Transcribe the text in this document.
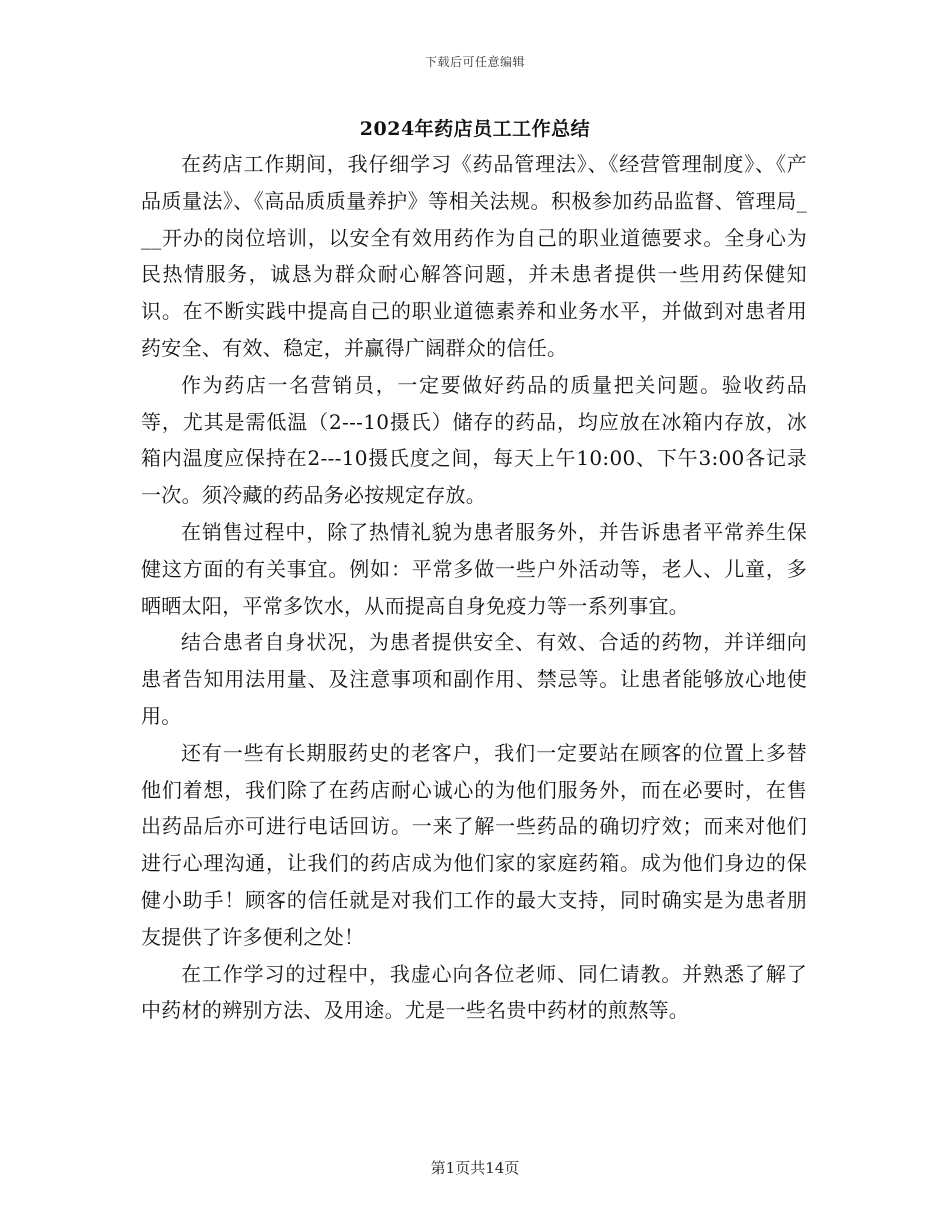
下载后可任意编辑
2024年药店员工工作总结

在药店工作期间，我仔细学习《药品管理法》、《经营管理制度》、《产品质量法》、《高品质质量养护》等相关法规。积极参加药品监督、管理局___开办的岗位培训，以安全有效用药作为自己的职业道德要求。全身心为民热情服务，诚恳为群众耐心解答问题，并未患者提供一些用药保健知识。在不断实践中提高自己的职业道德素养和业务水平，并做到对患者用药安全、有效、稳定，并赢得广阔群众的信任。

作为药店一名营销员，一定要做好药品的质量把关问题。验收药品等，尤其是需低温（2---10摄氏）储存的药品，均应放在冰箱内存放，冰箱内温度应保持在2---10摄氏度之间，每天上午10:00、下午3:00各记录一次。须冷藏的药品务必按规定存放。

在销售过程中，除了热情礼貌为患者服务外，并告诉患者平常养生保健这方面的有关事宜。例如：平常多做一些户外活动等，老人、儿童，多晒晒太阳，平常多饮水，从而提高自身免疫力等一系列事宜。

结合患者自身状况，为患者提供安全、有效、合适的药物，并详细向患者告知用法用量、及注意事项和副作用、禁忌等。让患者能够放心地使用。

还有一些有长期服药史的老客户，我们一定要站在顾客的位置上多替他们着想，我们除了在药店耐心诚心的为他们服务外，而在必要时，在售出药品后亦可进行电话回访。一来了解一些药品的确切疗效；而来对他们进行心理沟通，让我们的药店成为他们家的家庭药箱。成为他们身边的保健小助手！顾客的信任就是对我们工作的最大支持，同时确实是为患者朋友提供了许多便利之处！

在工作学习的过程中，我虚心向各位老师、同仁请教。并熟悉了解了中药材的辨别方法、及用途。尤是一些名贵中药材的煎熬等。

第1页共14页
